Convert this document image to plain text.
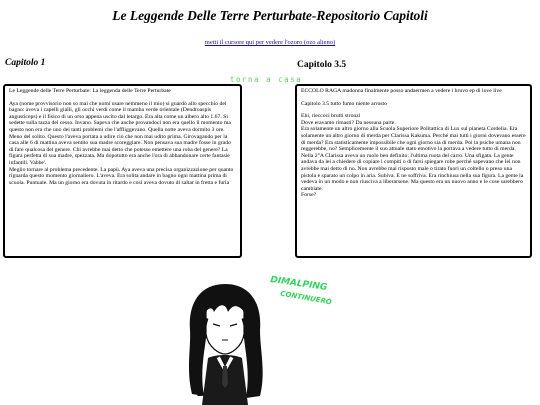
Le Leggende Delle Terre Perturbate-Repositorio Capitoli
metti il cursore qui per vedere l'ozoro (ozo alieno)
Capitolo 1	Capitolo 3.5
torna a casa

Le Leggende delle Terre Perturbate: La leggenda delle Terre Perturbate

Aya (nome provvisorio non so mai che nomi usare nemmeno il mio) si guardò allo specchio del bagno: aveva i capelli gialli, gli occhi verdi come il mamba verde orientale (Dendroaspis angusticeps) e il fisico di un orso appena uscito dal letargo. Era alta come un albero alto 1.67. Si sedette sulla tazza del cesso. Invano. Sapeva che anche provandoci non era quello il momento ma questo non era che uno dei tanti problemi che l'affliggevano. Quella notte aveva dormito 3 ore. Meno del solito. Questo l'aveva portata a udire ciò che non mai udito prima. Girovagando per la casa alle 6 di mattina aveva sentito sua madre scoreggiare. Non pensava sua madre fosse in grado di fare qualcosa del genere. Chi avrebbe mai detto che potesse emettere una roba del genere? La figura perfetta di sua madre, spezzata. Ma dopotutto era anche l'ora di abbandonare certe fantasie infantili. Vabbe'.
Meglio tornare al problema precedente. La papù. Aya aveva una precisa organizzazione per quanto riguarda questo momento giornaliero. L'aveva. Era solita andare in bagno ogni mattina prima di scuola. Puntuale. Ma un giorno era dovuta in ritardo e così aveva dovuto di saltar in fretta e furia

ECCOLO RAGA madonna finalmente posso andaermen a vedere i hruvo ep di love live

Capitolo 3.5 tutto fumo niente arrosto

Ehi, rieccoci brutti stronzi
Dove eravamo rimasti? Da nessuna parte.
Era solamente un altro giorno alla Scuola Superiore Politattica di Lux sul pianeta Cordelia. Era solamente un altro giorno di merda per Clarissa Kakuma. Perché mai tutti i giorni dovevano essere di merda? Era statisticamente impossibile che ogni giorno sia di merda. Poi la psiche umana non reggerebbe, no? Semplicemente il suo attuale stato emotivo la portava a vedere tutto di merda. Nella 2°A Clarissa aveva un ruolo ben definito: l'ultima ruota del carro. Una sfigata. La gente andava da lei a chiedere di copiare i compiti o di farsi spiegare robe perché sapevano che lei non avrebbe mai detto di no. Non avrebbe mai risposto male o tirato fuori un coltello o preso una pistola e sparato un colpo in aria. Subiva. E ne soffriva. Era rinchiusa nella sua figura. La gente la vedeva in un modo e non riusciva a liberarsene. Ma questo era un nuovo anno e le cose sarebbero cambiate.
Forse?

DIMALPING
CONTINUERÒ
